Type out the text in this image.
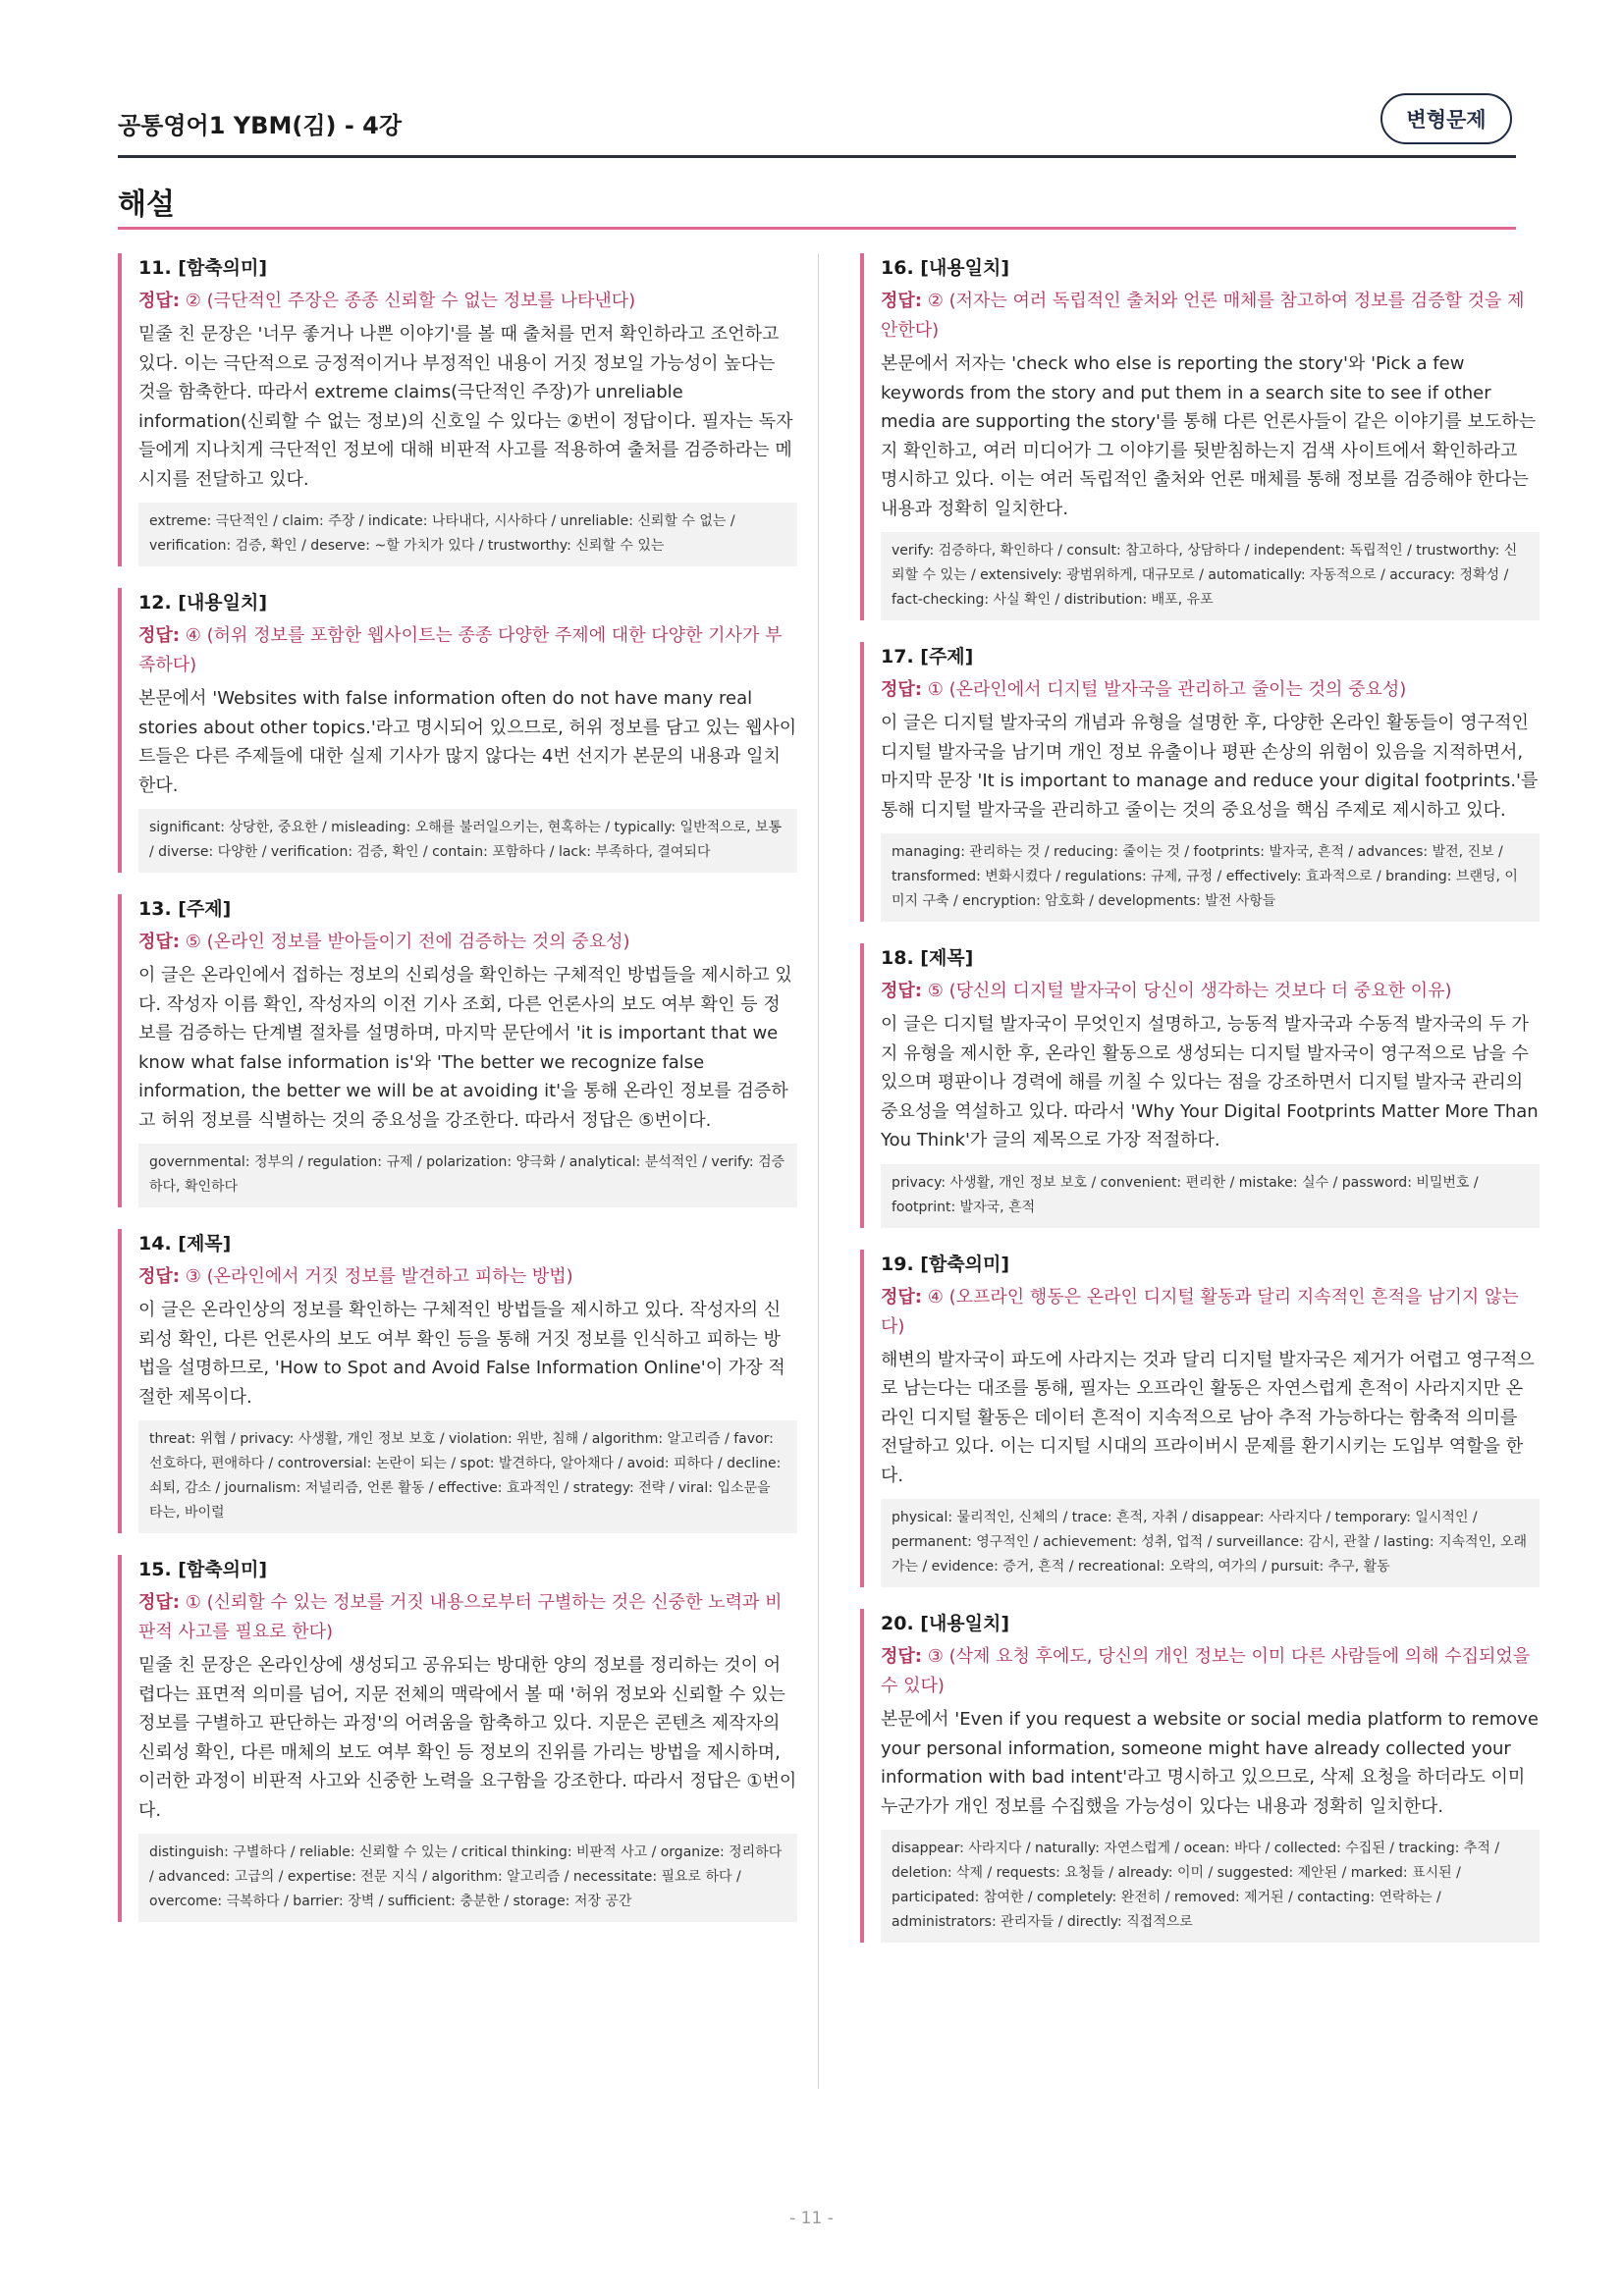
공통영어1 YBM(김) - 4강	변형문제
해설
11. [함축의미]
정답: ② (극단적인 주장은 종종 신뢰할 수 없는 정보를 나타낸다)
밑줄 친 문장은 '너무 좋거나 나쁜 이야기'를 볼 때 출처를 먼저 확인하라고 조언하고 있다. 이는 극단적으로 긍정적이거나 부정적인 내용이 거짓 정보일 가능성이 높다는 것을 함축한다. 따라서 extreme claims(극단적인 주장)가 unreliable information(신뢰할 수 없는 정보)의 신호일 수 있다는 ②번이 정답이다. 필자는 독자들에게 지나치게 극단적인 정보에 대해 비판적 사고를 적용하여 출처를 검증하라는 메시지를 전달하고 있다.
extreme: 극단적인 / claim: 주장 / indicate: 나타내다, 시사하다 / unreliable: 신뢰할 수 없는 / verification: 검증, 확인 / deserve: ~할 가치가 있다 / trustworthy: 신뢰할 수 있는
12. [내용일치]
정답: ④ (허위 정보를 포함한 웹사이트는 종종 다양한 주제에 대한 다양한 기사가 부족하다)
본문에서 'Websites with false information often do not have many real stories about other topics.'라고 명시되어 있으므로, 허위 정보를 담고 있는 웹사이트들은 다른 주제들에 대한 실제 기사가 많지 않다는 4번 선지가 본문의 내용과 일치한다.
significant: 상당한, 중요한 / misleading: 오해를 불러일으키는, 현혹하는 / typically: 일반적으로, 보통 / diverse: 다양한 / verification: 검증, 확인 / contain: 포함하다 / lack: 부족하다, 결여되다
13. [주제]
정답: ⑤ (온라인 정보를 받아들이기 전에 검증하는 것의 중요성)
이 글은 온라인에서 접하는 정보의 신뢰성을 확인하는 구체적인 방법들을 제시하고 있다. 작성자 이름 확인, 작성자의 이전 기사 조회, 다른 언론사의 보도 여부 확인 등 정보를 검증하는 단계별 절차를 설명하며, 마지막 문단에서 'it is important that we know what false information is'와 'The better we recognize false information, the better we will be at avoiding it'을 통해 온라인 정보를 검증하고 허위 정보를 식별하는 것의 중요성을 강조한다. 따라서 정답은 ⑤번이다.
governmental: 정부의 / regulation: 규제 / polarization: 양극화 / analytical: 분석적인 / verify: 검증하다, 확인하다
14. [제목]
정답: ③ (온라인에서 거짓 정보를 발견하고 피하는 방법)
이 글은 온라인상의 정보를 확인하는 구체적인 방법들을 제시하고 있다. 작성자의 신뢰성 확인, 다른 언론사의 보도 여부 확인 등을 통해 거짓 정보를 인식하고 피하는 방법을 설명하므로, 'How to Spot and Avoid False Information Online'이 가장 적절한 제목이다.
threat: 위협 / privacy: 사생활, 개인 정보 보호 / violation: 위반, 침해 / algorithm: 알고리즘 / favor: 선호하다, 편애하다 / controversial: 논란이 되는 / spot: 발견하다, 알아채다 / avoid: 피하다 / decline: 쇠퇴, 감소 / journalism: 저널리즘, 언론 활동 / effective: 효과적인 / strategy: 전략 / viral: 입소문을 타는, 바이럴
15. [함축의미]
정답: ① (신뢰할 수 있는 정보를 거짓 내용으로부터 구별하는 것은 신중한 노력과 비판적 사고를 필요로 한다)
밑줄 친 문장은 온라인상에 생성되고 공유되는 방대한 양의 정보를 정리하는 것이 어렵다는 표면적 의미를 넘어, 지문 전체의 맥락에서 볼 때 '허위 정보와 신뢰할 수 있는 정보를 구별하고 판단하는 과정'의 어려움을 함축하고 있다. 지문은 콘텐츠 제작자의 신뢰성 확인, 다른 매체의 보도 여부 확인 등 정보의 진위를 가리는 방법을 제시하며, 이러한 과정이 비판적 사고와 신중한 노력을 요구함을 강조한다. 따라서 정답은 ①번이다.
distinguish: 구별하다 / reliable: 신뢰할 수 있는 / critical thinking: 비판적 사고 / organize: 정리하다 / advanced: 고급의 / expertise: 전문 지식 / algorithm: 알고리즘 / necessitate: 필요로 하다 / overcome: 극복하다 / barrier: 장벽 / sufficient: 충분한 / storage: 저장 공간
16. [내용일치]
정답: ② (저자는 여러 독립적인 출처와 언론 매체를 참고하여 정보를 검증할 것을 제안한다)
본문에서 저자는 'check who else is reporting the story'와 'Pick a few keywords from the story and put them in a search site to see if other media are supporting the story'를 통해 다른 언론사들이 같은 이야기를 보도하는지 확인하고, 여러 미디어가 그 이야기를 뒷받침하는지 검색 사이트에서 확인하라고 명시하고 있다. 이는 여러 독립적인 출처와 언론 매체를 통해 정보를 검증해야 한다는 내용과 정확히 일치한다.
verify: 검증하다, 확인하다 / consult: 참고하다, 상담하다 / independent: 독립적인 / trustworthy: 신뢰할 수 있는 / extensively: 광범위하게, 대규모로 / automatically: 자동적으로 / accuracy: 정확성 / fact-checking: 사실 확인 / distribution: 배포, 유포
17. [주제]
정답: ① (온라인에서 디지털 발자국을 관리하고 줄이는 것의 중요성)
이 글은 디지털 발자국의 개념과 유형을 설명한 후, 다양한 온라인 활동들이 영구적인 디지털 발자국을 남기며 개인 정보 유출이나 평판 손상의 위험이 있음을 지적하면서, 마지막 문장 'It is important to manage and reduce your digital footprints.'를 통해 디지털 발자국을 관리하고 줄이는 것의 중요성을 핵심 주제로 제시하고 있다.
managing: 관리하는 것 / reducing: 줄이는 것 / footprints: 발자국, 흔적 / advances: 발전, 진보 / transformed: 변화시켰다 / regulations: 규제, 규정 / effectively: 효과적으로 / branding: 브랜딩, 이미지 구축 / encryption: 암호화 / developments: 발전 사항들
18. [제목]
정답: ⑤ (당신의 디지털 발자국이 당신이 생각하는 것보다 더 중요한 이유)
이 글은 디지털 발자국이 무엇인지 설명하고, 능동적 발자국과 수동적 발자국의 두 가지 유형을 제시한 후, 온라인 활동으로 생성되는 디지털 발자국이 영구적으로 남을 수 있으며 평판이나 경력에 해를 끼칠 수 있다는 점을 강조하면서 디지털 발자국 관리의 중요성을 역설하고 있다. 따라서 'Why Your Digital Footprints Matter More Than You Think'가 글의 제목으로 가장 적절하다.
privacy: 사생활, 개인 정보 보호 / convenient: 편리한 / mistake: 실수 / password: 비밀번호 / footprint: 발자국, 흔적
19. [함축의미]
정답: ④ (오프라인 행동은 온라인 디지털 활동과 달리 지속적인 흔적을 남기지 않는다)
해변의 발자국이 파도에 사라지는 것과 달리 디지털 발자국은 제거가 어렵고 영구적으로 남는다는 대조를 통해, 필자는 오프라인 활동은 자연스럽게 흔적이 사라지지만 온라인 디지털 활동은 데이터 흔적이 지속적으로 남아 추적 가능하다는 함축적 의미를 전달하고 있다. 이는 디지털 시대의 프라이버시 문제를 환기시키는 도입부 역할을 한다.
physical: 물리적인, 신체의 / trace: 흔적, 자취 / disappear: 사라지다 / temporary: 일시적인 / permanent: 영구적인 / achievement: 성취, 업적 / surveillance: 감시, 관찰 / lasting: 지속적인, 오래가는 / evidence: 증거, 흔적 / recreational: 오락의, 여가의 / pursuit: 추구, 활동
20. [내용일치]
정답: ③ (삭제 요청 후에도, 당신의 개인 정보는 이미 다른 사람들에 의해 수집되었을 수 있다)
본문에서 'Even if you request a website or social media platform to remove your personal information, someone might have already collected your information with bad intent'라고 명시하고 있으므로, 삭제 요청을 하더라도 이미 누군가가 개인 정보를 수집했을 가능성이 있다는 내용과 정확히 일치한다.
disappear: 사라지다 / naturally: 자연스럽게 / ocean: 바다 / collected: 수집된 / tracking: 추적 / deletion: 삭제 / requests: 요청들 / already: 이미 / suggested: 제안된 / marked: 표시된 / participated: 참여한 / completely: 완전히 / removed: 제거된 / contacting: 연락하는 / administrators: 관리자들 / directly: 직접적으로
- 11 -
